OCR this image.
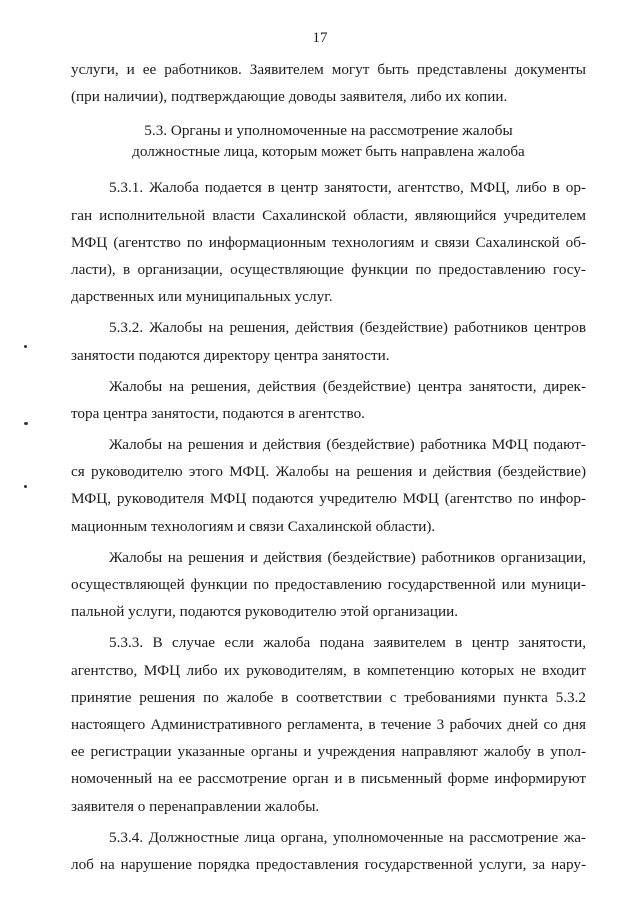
17
услуги, и ее работников. Заявителем могут быть представлены документы
(при наличии), подтверждающие доводы заявителя, либо их копии.
5.3. Органы и уполномоченные на рассмотрение жалобы
должностные лица, которым может быть направлена жалоба
5.3.1. Жалоба подается в центр занятости, агентство, МФЦ, либо в ор-
ган исполнительной власти Сахалинской области, являющийся учредителем
МФЦ (агентство по информационным технологиям и связи Сахалинской об-
ласти), в организации, осуществляющие функции по предоставлению госу-
дарственных или муниципальных услуг.
5.3.2. Жалобы на решения, действия (бездействие) работников центров
занятости подаются директору центра занятости.
Жалобы на решения, действия (бездействие) центра занятости, дирек-
тора центра занятости, подаются в агентство.
Жалобы на решения и действия (бездействие) работника МФЦ подают-
ся руководителю этого МФЦ. Жалобы на решения и действия (бездействие)
МФЦ, руководителя МФЦ подаются учредителю МФЦ (агентство по инфор-
мационным технологиям и связи Сахалинской области).
Жалобы на решения и действия (бездействие) работников организации,
осуществляющей функции по предоставлению государственной или муници-
пальной услуги, подаются руководителю этой организации.
5.3.3. В случае если жалоба подана заявителем в центр занятости,
агентство, МФЦ либо их руководителям, в компетенцию которых не входит
принятие решения по жалобе в соответствии с требованиями пункта 5.3.2
настоящего Административного регламента, в течение 3 рабочих дней со дня
ее регистрации указанные органы и учреждения направляют жалобу в упол-
номоченный на ее рассмотрение орган и в письменный форме информируют
заявителя о перенаправлении жалобы.
5.3.4. Должностные лица органа, уполномоченные на рассмотрение жа-
лоб на нарушение порядка предоставления государственной услуги, за нару-
